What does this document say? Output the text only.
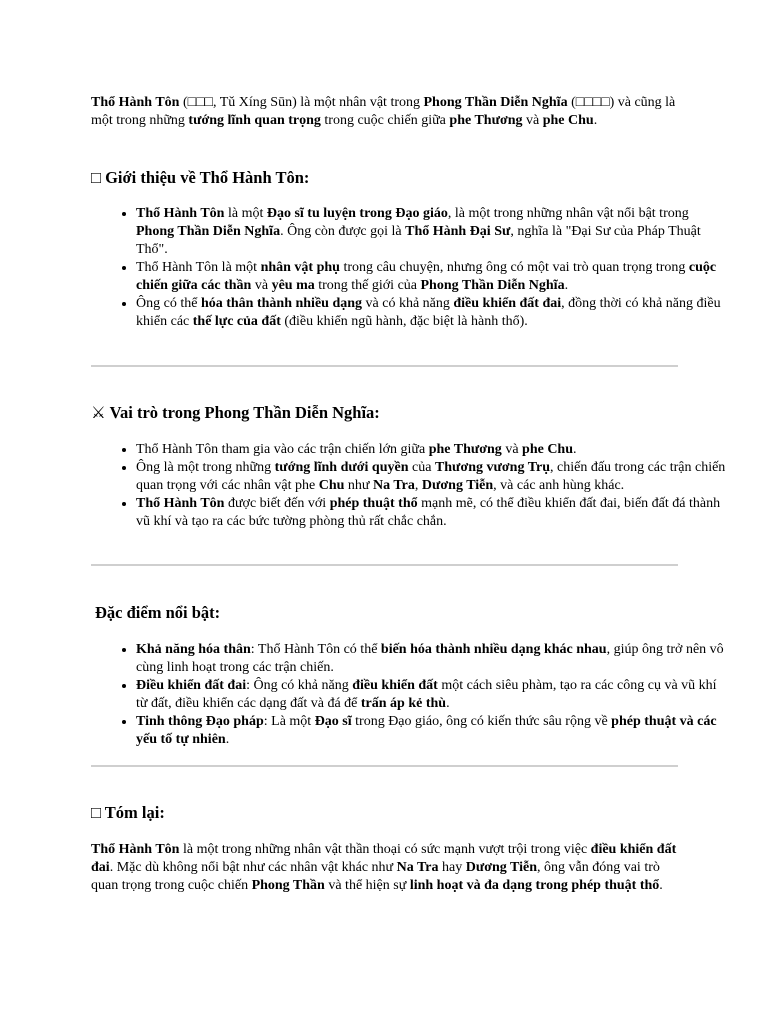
Thổ Hành Tôn (□□□, Tǔ Xíng Sūn) là một nhân vật trong Phong Thần Diễn Nghĩa (□□□□) và cũng là một trong những tướng lĩnh quan trọng trong cuộc chiến giữa phe Thương và phe Chu.

□ Giới thiệu về Thổ Hành Tôn:
• Thổ Hành Tôn là một Đạo sĩ tu luyện trong Đạo giáo, là một trong những nhân vật nổi bật trong Phong Thần Diễn Nghĩa. Ông còn được gọi là Thổ Hành Đại Sư, nghĩa là "Đại Sư của Pháp Thuật Thổ".
• Thổ Hành Tôn là một nhân vật phụ trong câu chuyện, nhưng ông có một vai trò quan trọng trong cuộc chiến giữa các thần và yêu ma trong thế giới của Phong Thần Diễn Nghĩa.
• Ông có thể hóa thân thành nhiều dạng và có khả năng điều khiển đất đai, đồng thời có khả năng điều khiển các thế lực của đất (điều khiển ngũ hành, đặc biệt là hành thổ).
⚔ Vai trò trong Phong Thần Diễn Nghĩa:
• Thổ Hành Tôn tham gia vào các trận chiến lớn giữa phe Thương và phe Chu.
• Ông là một trong những tướng lĩnh dưới quyền của Thương vương Trụ, chiến đấu trong các trận chiến quan trọng với các nhân vật phe Chu như Na Tra, Dương Tiễn, và các anh hùng khác.
• Thổ Hành Tôn được biết đến với phép thuật thổ mạnh mẽ, có thể điều khiển đất đai, biến đất đá thành vũ khí và tạo ra các bức tường phòng thủ rất chắc chắn.
Đặc điểm nổi bật:
• Khả năng hóa thân: Thổ Hành Tôn có thể biến hóa thành nhiều dạng khác nhau, giúp ông trở nên vô cùng linh hoạt trong các trận chiến.
• Điều khiển đất đai: Ông có khả năng điều khiển đất một cách siêu phàm, tạo ra các công cụ và vũ khí từ đất, điều khiển các dạng đất và đá để trấn áp kẻ thù.
• Tinh thông Đạo pháp: Là một Đạo sĩ trong Đạo giáo, ông có kiến thức sâu rộng về phép thuật và các yếu tố tự nhiên.
□ Tóm lại:

Thổ Hành Tôn là một trong những nhân vật thần thoại có sức mạnh vượt trội trong việc điều khiển đất đai. Mặc dù không nổi bật như các nhân vật khác như Na Tra hay Dương Tiễn, ông vẫn đóng vai trò quan trọng trong cuộc chiến Phong Thần và thể hiện sự linh hoạt và đa dạng trong phép thuật thổ.
